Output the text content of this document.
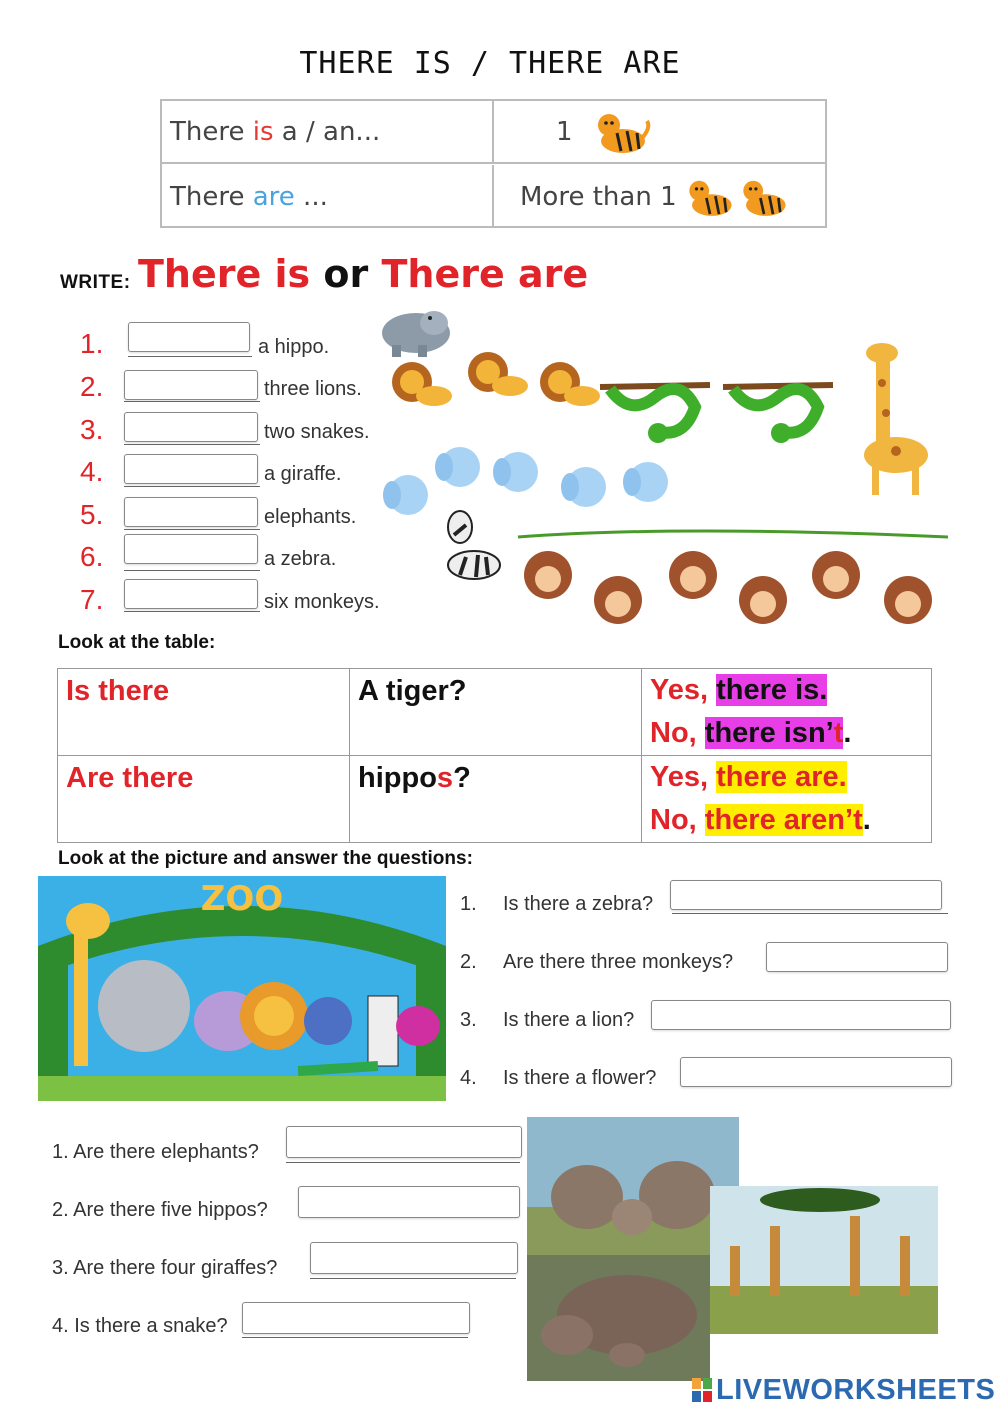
THERE IS / THERE ARE
There is a / an...	1
There are ...	More than 1
WRITE: There is or There are
1.	a hippo.
2.	three lions.
3.	two snakes.
4.	a giraffe.
5.	elephants.
6.	a zebra.
7.	six monkeys.
Look at the table:
Is there	A tiger?	Yes, there is.
No, there isn’t.
Are there	hippos?	Yes, there are.
No, there aren’t.
Look at the picture and answer the questions:
ZOO	1. Is there a zebra?
2. Are there three monkeys?
3. Is there a lion?
4. Is there a flower?
1. Are there elephants?
2. Are there five hippos?
3. Are there four giraffes?
4. Is there a snake?
LIVEWORKSHEETS
